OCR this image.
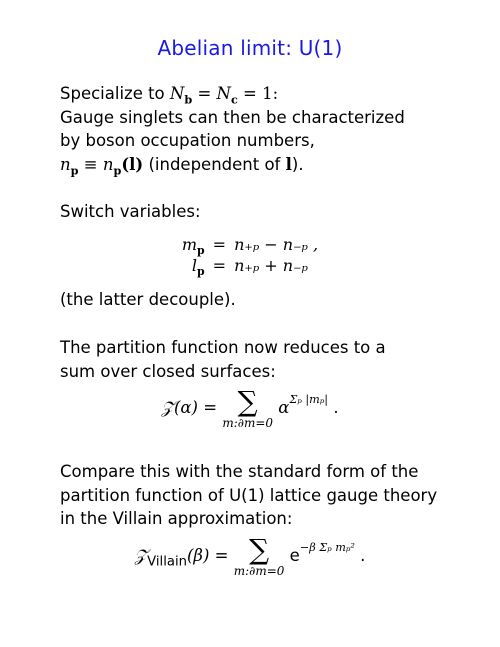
Abelian limit: U(1)
Specialize to $N_b = N_c = 1$:
Gauge singlets can then be characterized
by boson occupation numbers,
$n_p \equiv n_p(l)$ (independent of l).
Switch variables:
$m_p$	=	n₊ₚ − n₋ₚ ,
$l_p$	=	n₊ₚ + n₋ₚ
(the latter decouple).
The partition function now reduces to a
sum over closed surfaces:
𝒵(α) = ∑
m:∂m=0
$\alpha^{\Sigma_p |m_p|}$ .
Compare this with the standard form of the
partition function of U(1) lattice gauge theory
in the Villain approximation:
𝒵$_{Villain}$(β) = ∑
m:∂m=0
$e^{-\beta \Sigma_p m_p^2}$ .
